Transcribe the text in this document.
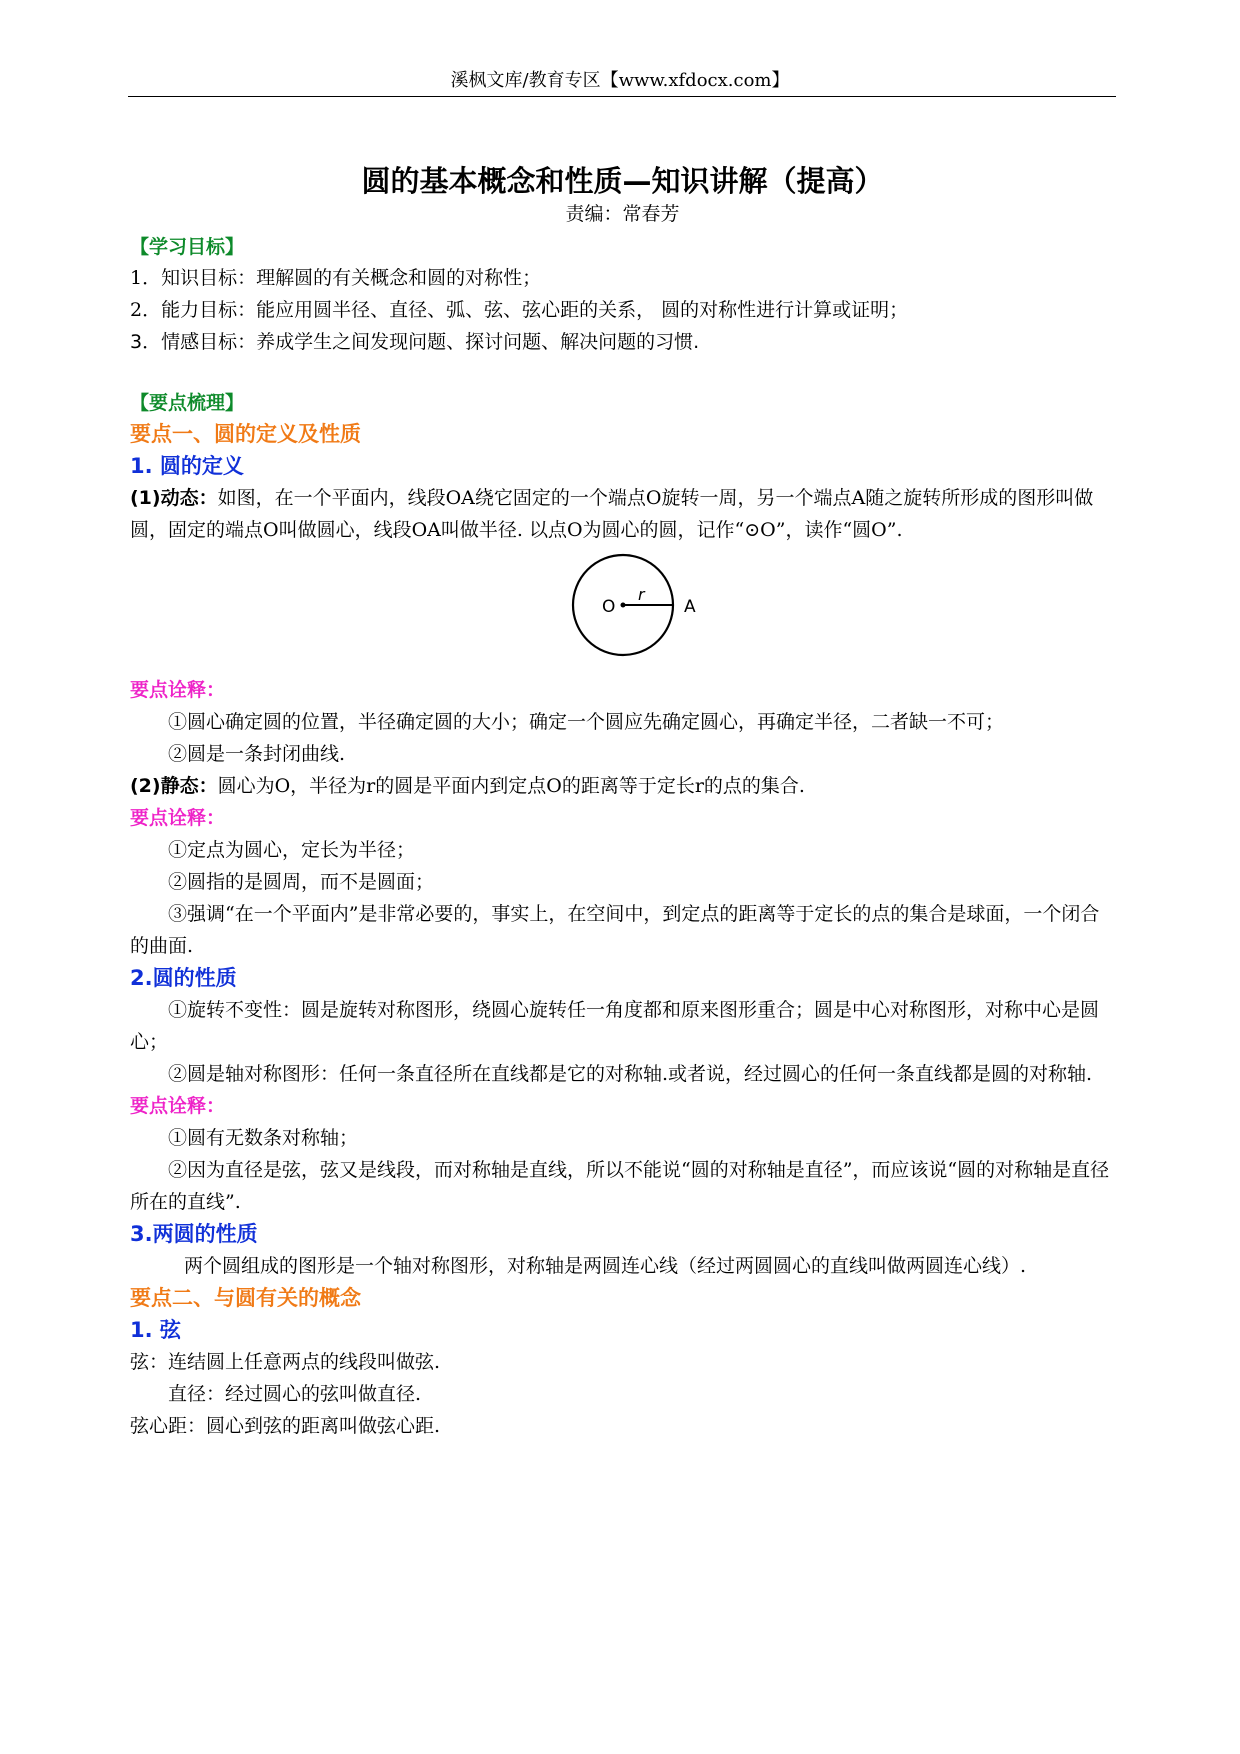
溪枫文库/教育专区【www.xfdocx.com】
圆的基本概念和性质—知识讲解（提高）
责编：常春芳
【学习目标】
1．知识目标：理解圆的有关概念和圆的对称性；
2．能力目标：能应用圆半径、直径、弧、弦、弦心距的关系， 圆的对称性进行计算或证明；
3．情感目标：养成学生之间发现问题、探讨问题、解决问题的习惯.
【要点梳理】
要点一、圆的定义及性质
1. 圆的定义
(1)动态：如图，在一个平面内，线段OA绕它固定的一个端点O旋转一周，另一个端点A随之旋转所形成的图形叫做圆，固定的端点O叫做圆心，线段OA叫做半径. 以点O为圆心的圆，记作“⊙O”，读作“圆O”.
O
r
A
要点诠释：
①圆心确定圆的位置，半径确定圆的大小；确定一个圆应先确定圆心，再确定半径，二者缺一不可；
②圆是一条封闭曲线.
(2)静态：圆心为O，半径为r的圆是平面内到定点O的距离等于定长r的点的集合.
要点诠释：
①定点为圆心，定长为半径；
②圆指的是圆周，而不是圆面；
③强调“在一个平面内”是非常必要的，事实上，在空间中，到定点的距离等于定长的点的集合是球面，一个闭合的曲面.
2.圆的性质
①旋转不变性：圆是旋转对称图形，绕圆心旋转任一角度都和原来图形重合；圆是中心对称图形，对称中心是圆心；
②圆是轴对称图形：任何一条直径所在直线都是它的对称轴.或者说，经过圆心的任何一条直线都是圆的对称轴.
要点诠释：
①圆有无数条对称轴；
②因为直径是弦，弦又是线段，而对称轴是直线，所以不能说“圆的对称轴是直径”，而应该说“圆的对称轴是直径所在的直线”.
3.两圆的性质
两个圆组成的图形是一个轴对称图形，对称轴是两圆连心线（经过两圆圆心的直线叫做两圆连心线）.
要点二、与圆有关的概念
1. 弦
弦：连结圆上任意两点的线段叫做弦.
直径：经过圆心的弦叫做直径.
弦心距：圆心到弦的距离叫做弦心距.
